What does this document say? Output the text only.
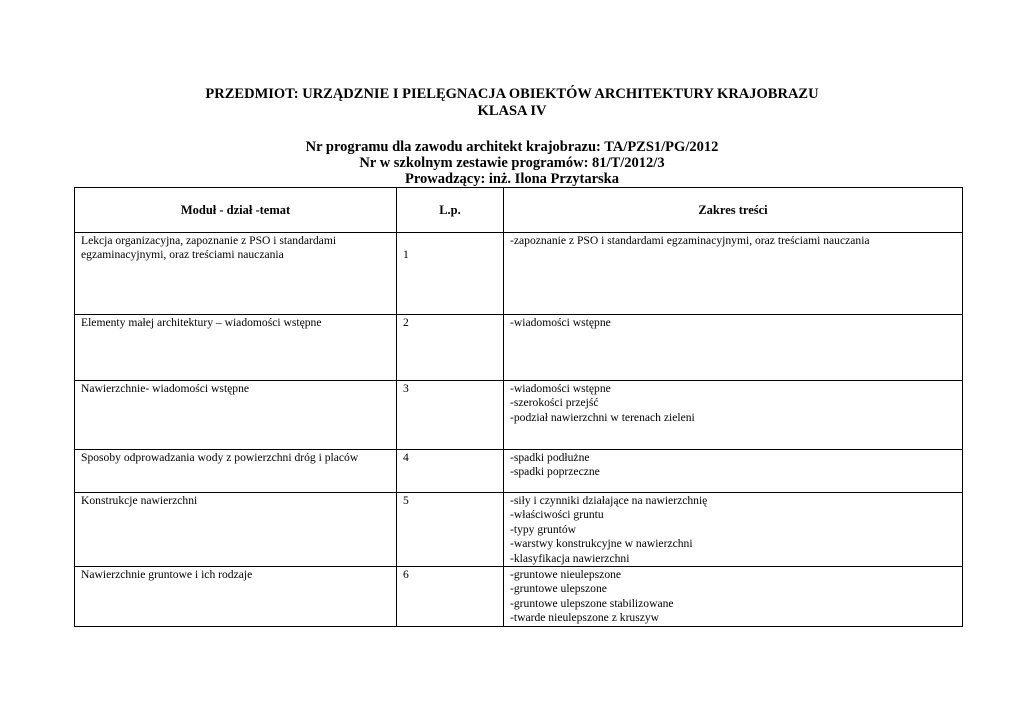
PRZEDMIOT: URZĄDZNIE I PIELĘGNACJA OBIEKTÓW ARCHITEKTURY KRAJOBRAZU
KLASA IV
Nr programu dla zawodu architekt krajobrazu: TA/PZS1/PG/2012
Nr w szkolnym zestawie programów: 81/T/2012/3
Prowadzący: inż. Ilona Przytarska
Moduł - dział -temat	L.p.	Zakres treści

Lekcja organizacyjna, zapoznanie z PSO i standardami
egzaminacyjnymi, oraz treściami nauczania	1	-zapoznanie z PSO i standardami egzaminacyjnymi, oraz treściami nauczania

Elementy małej architektury – wiadomości wstępne	2	-wiadomości wstępne

Nawierzchnie- wiadomości wstępne	3	-wiadomości wstępne
-szerokości przejść
-podział nawierzchni w terenach zieleni

Sposoby odprowadzania wody z powierzchni dróg i placów	4	-spadki podłużne
-spadki poprzeczne

Konstrukcje nawierzchni	5	-siły i czynniki działające na nawierzchnię
-właściwości gruntu
-typy gruntów
-warstwy konstrukcyjne w nawierzchni
-klasyfikacja nawierzchni

Nawierzchnie gruntowe i ich rodzaje	6	-gruntowe nieulepszone
-gruntowe ulepszone
-gruntowe ulepszone stabilizowane
-twarde nieulepszone z kruszyw
